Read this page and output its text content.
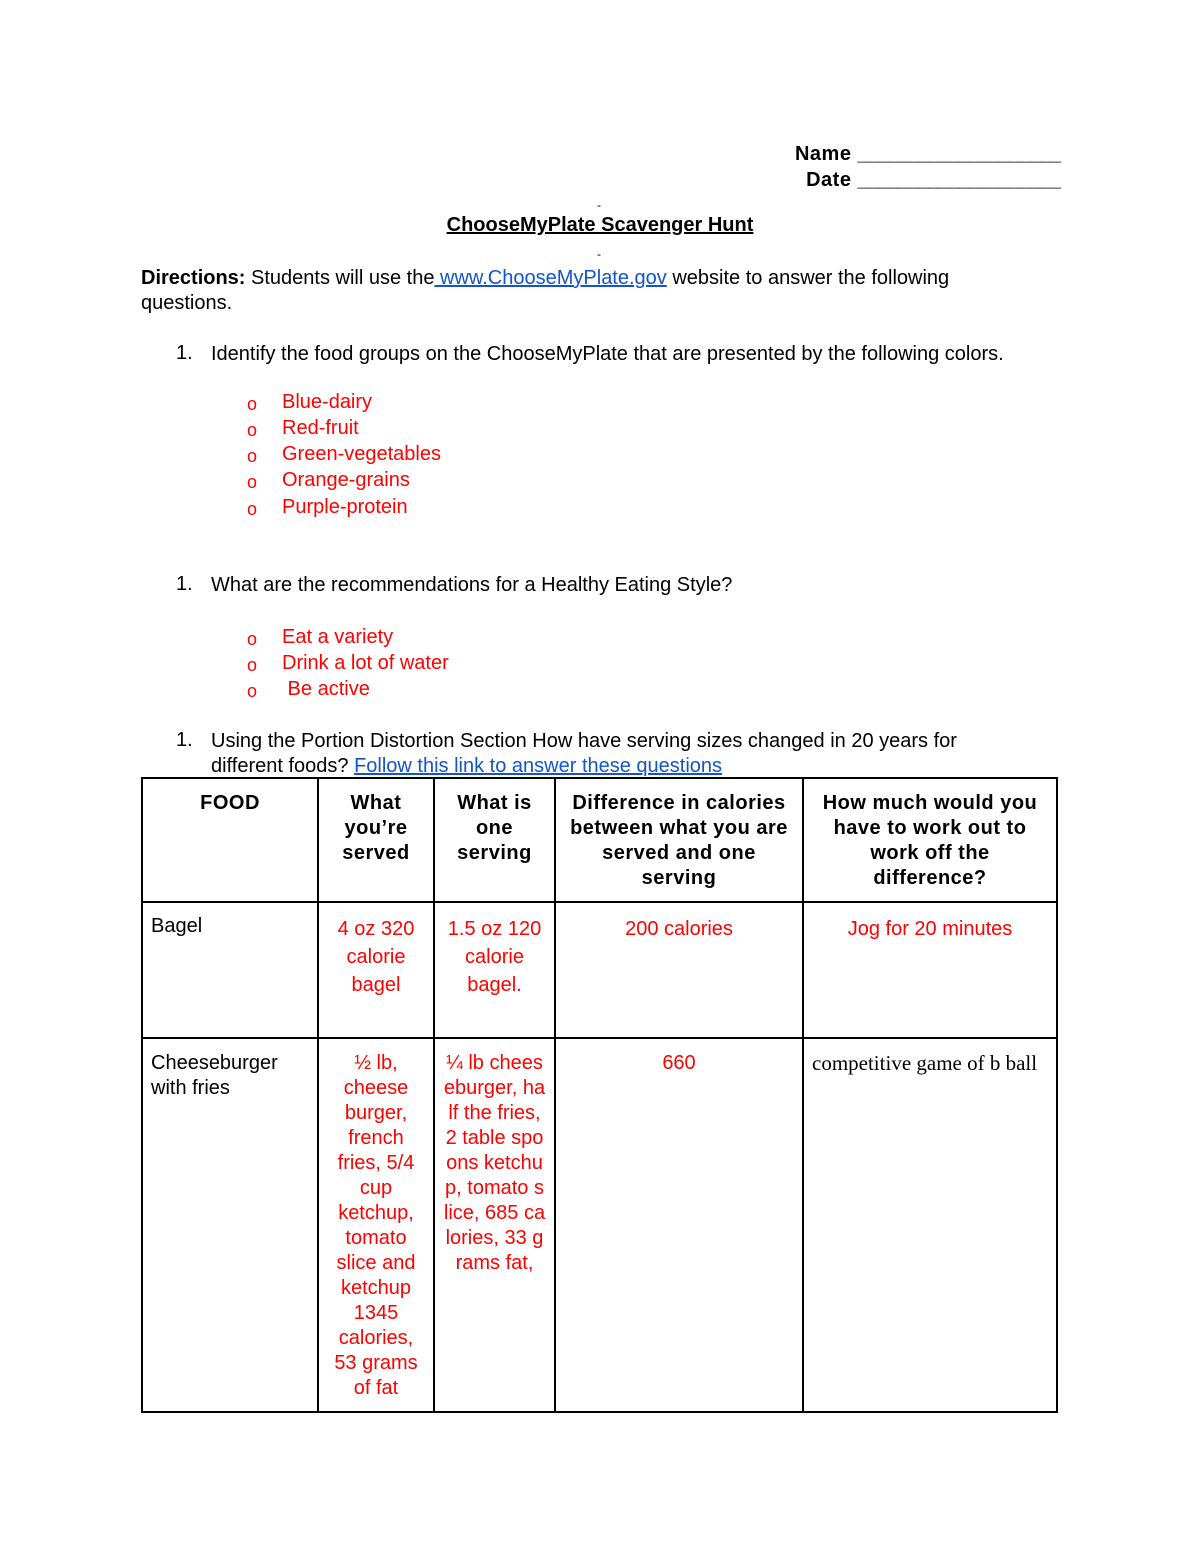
Name ____________________
Date ____________________
-
ChooseMyPlate Scavenger Hunt
-
Directions: Students will use the www.ChooseMyPlate.gov website to answer the following questions.
1. Identify the food groups on the ChooseMyPlate that are presented by the following colors.
o Blue-dairy
o Red-fruit
o Green-vegetables
o Orange-grains
o Purple-protein
1. What are the recommendations for a Healthy Eating Style?
o Eat a variety
o Drink a lot of water
o Be active
1. Using the Portion Distortion Section How have serving sizes changed in 20 years for different foods? Follow this link to answer these questions
FOOD	What you’re served	What is one serving	Difference in calories between what you are served and one serving	How much would you have to work out to work off the difference?
Bagel	4 oz 320 calorie bagel	1.5 oz 120 calorie bagel.	200 calories	Jog for 20 minutes
Cheeseburger with fries	½ lb, cheese burger, french fries, 5/4 cup ketchup, tomato slice and ketchup 1345 calories, 53 grams of fat	¼ lb cheeseburger, half the fries, 2 table spoons ketchup, tomato slice, 685 calories, 33 grams fat,	660	competitive game of b ball
